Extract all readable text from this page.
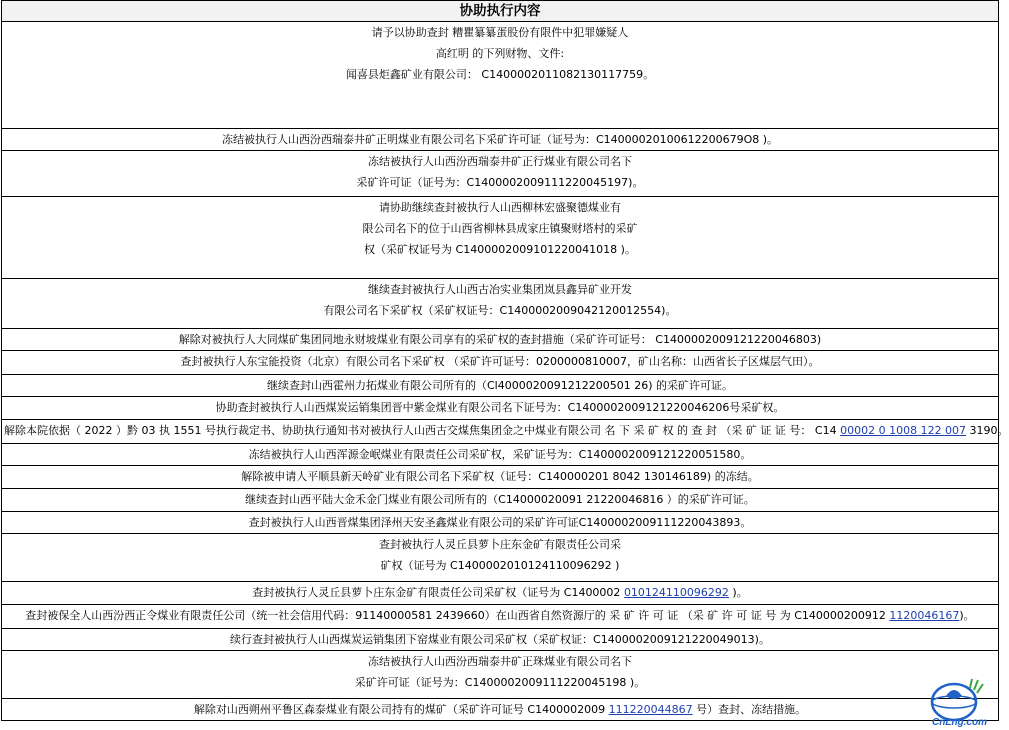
协助执行内容
请予以协助查封 糟瞿纂纂蛋股份有限件中犯罪嫌疑人
高红明 的下列财物、文件:
闻喜县炬鑫矿业有限公司： C1400002011082130117759。
冻结被执行人山西汾西瑞泰井矿正明煤业有限公司名下采矿许可证（证号为：C14000020100612200679O8 )。
冻结被执行人山西汾西瑞泰井矿正行煤业有限公司名下
采矿许可证（证号为：C1400002009111220045197)。
请协助继续查封被执行人山西柳林宏盛聚德煤业有
限公司名下的位于山西省柳林县成家庄镇聚财塔村的采矿
权（采矿权证号为 C1400002009101220041018 )。
继续查封被执行人山西古冶实业集团岚县鑫异矿业开发
有限公司名下采矿权（采矿权证号：C1400002009042120012554)。
解除对被执行人大同煤矿集团同地永财坡煤业有限公司享有的采矿权的查封措施（采矿许可证号： C1400002009121220046803)
查封被执行人东宝能投资（北京）有限公司名下采矿权 （采矿许可证号：0200000810007，矿山名称：山西省长子区煤层气田）。
继续查封山西霍州力拓煤业有限公司所有的（Cl4000020091212200501 26) 的采矿许可证。
协助查封被执行人山西煤炭运销集团晋中紫金煤业有限公司名下证号为：C1400002009121220046206号采矿权。
解除本院依据（ 2022 ）黔 03 执 1551 号执行裁定书、协助执行通知书对被执行人山西古交煤焦集团金之中煤业有限公司 名 下 采 矿 权 的 查 封 （采 矿 证 证 号： C14 00002 0 1008 122 007 3190。
冻结被执行人山西浑源金岷煤业有限责任公司采矿权，采矿证号为：C1400002009121220051580。
解除被申请人平顺县新天岭矿业有限公司名下采矿权（证号：C140000201 8042 130146189) 的冻结。
继续查封山西平陆大金禾金门煤业有限公司所有的（C14000020091 21220046816 ）的采矿许可证。
查封被执行人山西晋煤集团泽州天安圣鑫煤业有限公司的采矿许可证C1400002009111220043893。
查封被执行人灵丘县萝卜庄东金矿有限责任公司采
矿权（证号为 C1400002010124110096292 )
查封被执行人灵丘县萝卜庄东金矿有限责任公司采矿权（证号为 C1400002 010124110096292 )。
查封被保全人山西汾西正令煤业有限责任公司（统一社会信用代码：91140000581 2439660）在山西省自然资源厅的 采 矿 许 可 证 （采 矿 许 可 证 号 为 C140000200912 1120046167)。
续行查封被执行人山西煤炭运销集团下窑煤业有限公司采矿权（采矿权证：C1400002009121220049013)。
冻结被执行人山西汾西瑞泰井矿正珠煤业有限公司名下
采矿许可证（证号为：C1400002009111220045198 )。
解除对山西朔州平鲁区森泰煤业有限公司持有的煤矿（采矿许可证号 C1400002009 111220044867 号）查封、冻结措施。
CnLng.com
